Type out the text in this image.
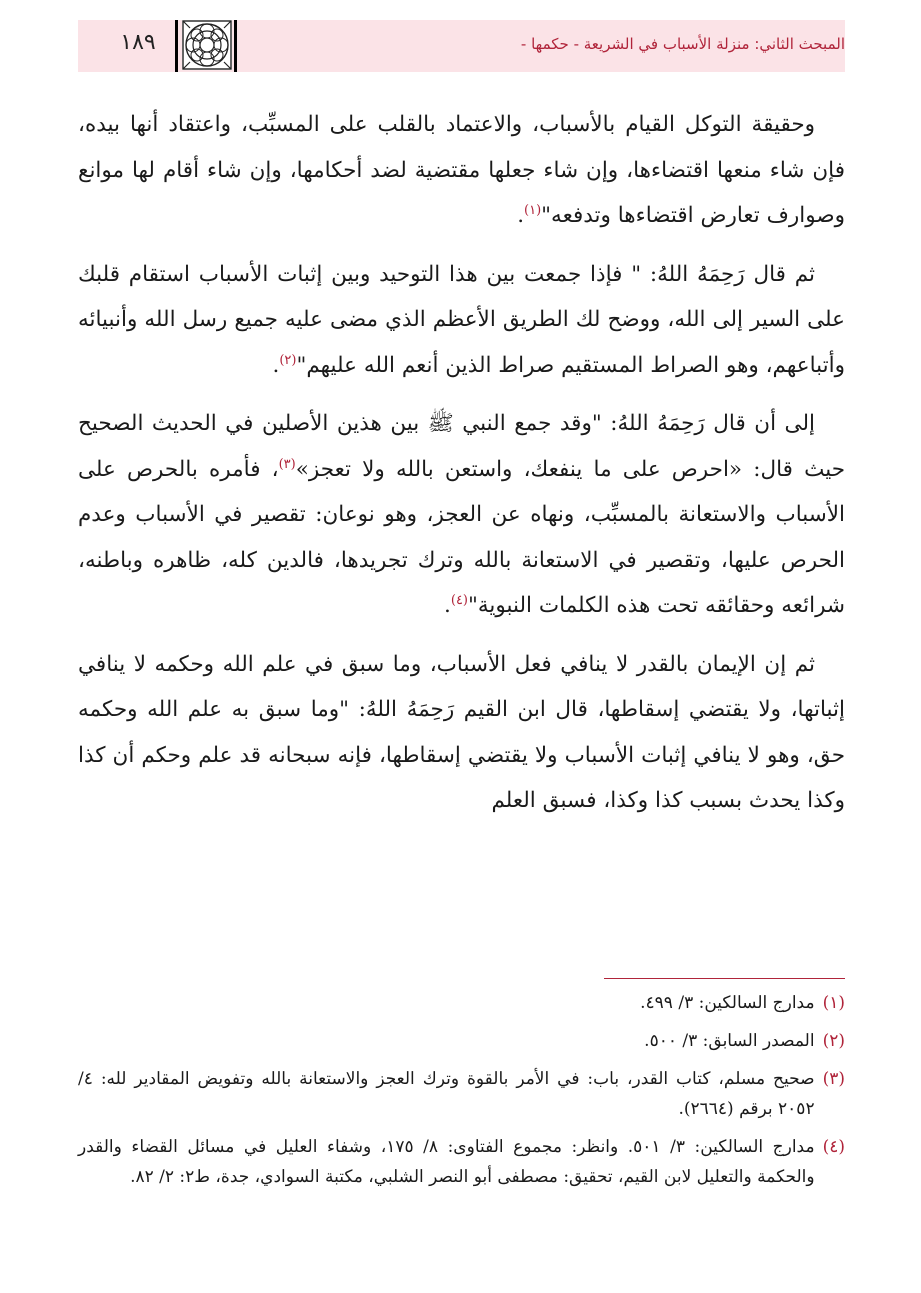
١٨٩	المبحث الثاني: منزلة الأسباب في الشريعة - حكمها -

وحقيقة التوكل القيام بالأسباب، والاعتماد بالقلب على المسبِّب، واعتقاد أنها بيده، فإن شاء منعها اقتضاءها، وإن شاء جعلها مقتضية لضد أحكامها، وإن شاء أقام لها موانع وصوارف تعارض اقتضاءها وتدفعه"$^{(١)}$.

ثم قال رَحِمَهُ اللهُ: " فإذا جمعت بين هذا التوحيد وبين إثبات الأسباب استقام قلبك على السير إلى الله، ووضح لك الطريق الأعظم الذي مضى عليه جميع رسل الله وأنبيائه وأتباعهم، وهو الصراط المستقيم صراط الذين أنعم الله عليهم"$^{(٢)}$.

إلى أن قال رَحِمَهُ اللهُ: "وقد جمع النبي ﷺ بين هذين الأصلين في الحديث الصحيح حيث قال: «احرص على ما ينفعك، واستعن بالله ولا تعجز»$^{(٣)}$، فأمره بالحرص على الأسباب والاستعانة بالمسبِّب، ونهاه عن العجز، وهو نوعان: تقصير في الأسباب وعدم الحرص عليها، وتقصير في الاستعانة بالله وترك تجريدها، فالدين كله، ظاهره وباطنه، شرائعه وحقائقه تحت هذه الكلمات النبوية"$^{(٤)}$.

ثم إن الإيمان بالقدر لا ينافي فعل الأسباب، وما سبق في علم الله وحكمه لا ينافي إثباتها، ولا يقتضي إسقاطها، قال ابن القيم رَحِمَهُ اللهُ: "وما سبق به علم الله وحكمه حق، وهو لا ينافي إثبات الأسباب ولا يقتضي إسقاطها، فإنه سبحانه قد علم وحكم أن كذا وكذا يحدث بسبب كذا وكذا، فسبق العلم

(١)
مدارج السالكين: ٣/ ٤٩٩.
(٢)
المصدر السابق: ٣/ ٥٠٠.
(٣)
صحيح مسلم، كتاب القدر، باب: في الأمر بالقوة وترك العجز والاستعانة بالله وتفويض المقادير لله: ٤/ ٢٠٥٢ برقم (٢٦٦٤).
(٤)
مدارج السالكين: ٣/ ٥٠١. وانظر: مجموع الفتاوى: ٨/ ١٧٥، وشفاء العليل في مسائل القضاء والقدر والحكمة والتعليل لابن القيم، تحقيق: مصطفى أبو النصر الشلبي، مكتبة السوادي، جدة، ط٢: ٢/ ٨٢.
